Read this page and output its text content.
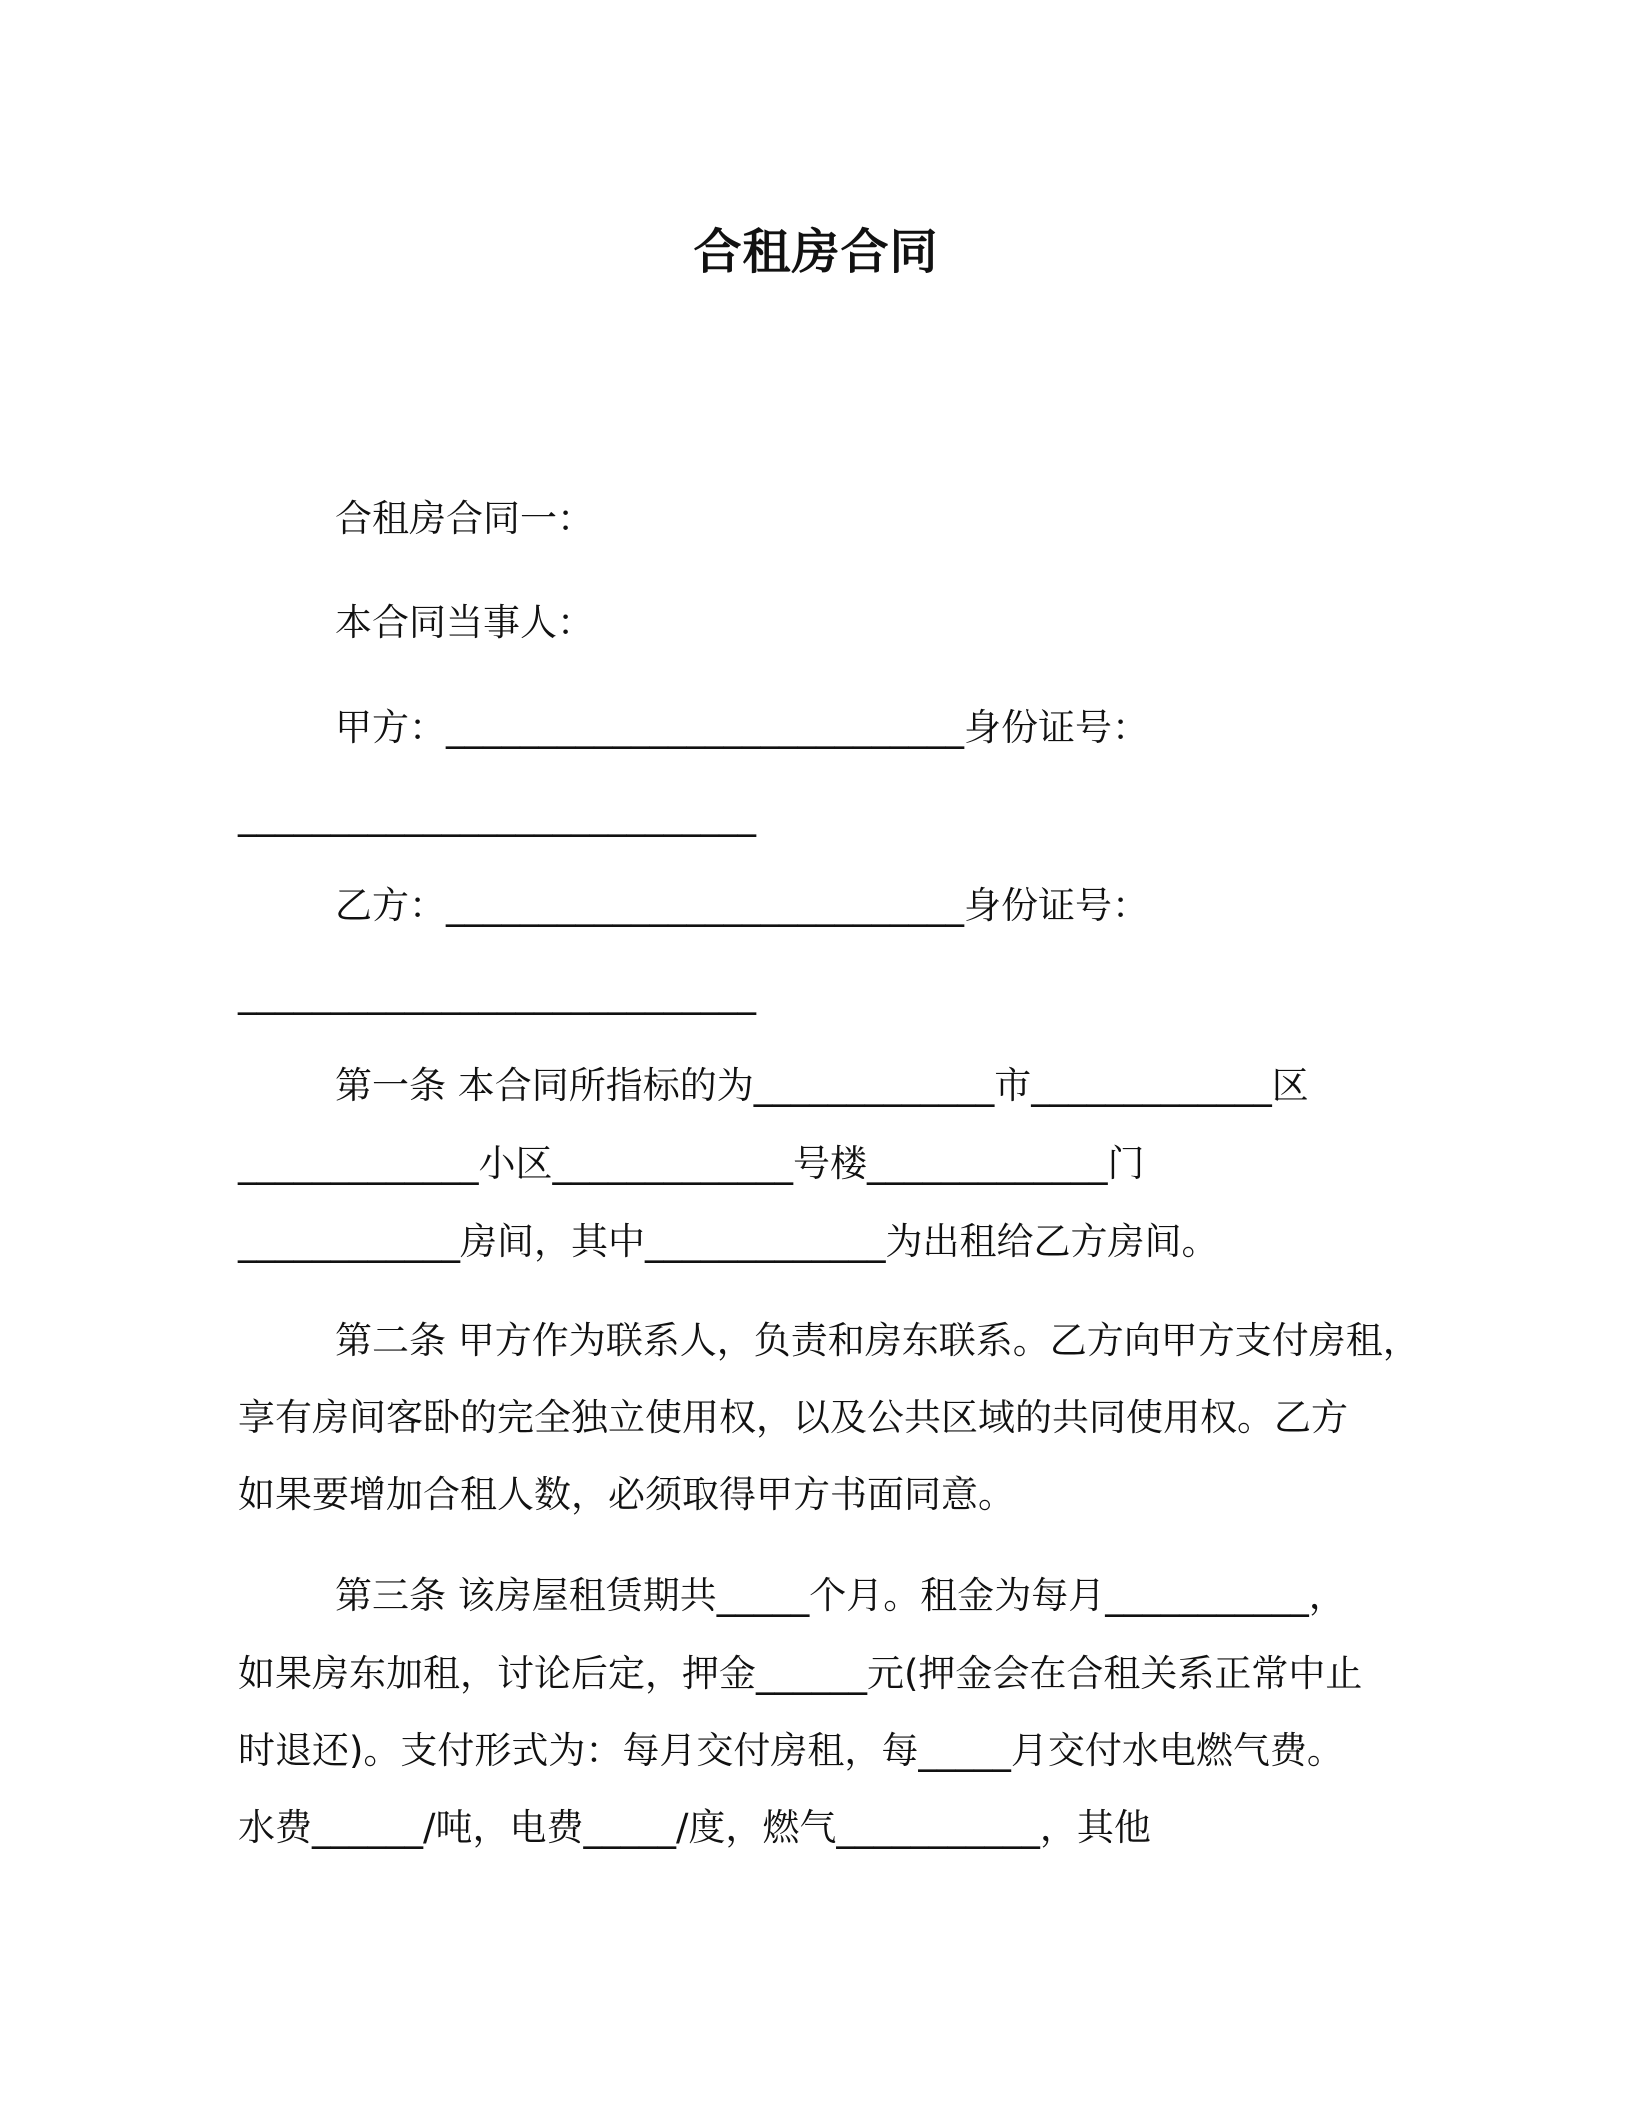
合租房合同
合租房合同一：
本合同当事人：
甲方：____________________________身份证号：
____________________________
乙方：____________________________身份证号：
____________________________
第一条 本合同所指标的为_____________市_____________区
_____________小区_____________号楼_____________门
____________房间，其中_____________为出租给乙方房间。
第二条 甲方作为联系人，负责和房东联系。乙方向甲方支付房租，
享有房间客卧的完全独立使用权，以及公共区域的共同使用权。乙方
如果要增加合租人数，必须取得甲方书面同意。
第三条 该房屋租赁期共_____个月。租金为每月___________，
如果房东加租，讨论后定，押金______元(押金会在合租关系正常中止
时退还)。支付形式为：每月交付房租，每_____月交付水电燃气费。
水费______/吨，电费_____/度，燃气___________，其他
